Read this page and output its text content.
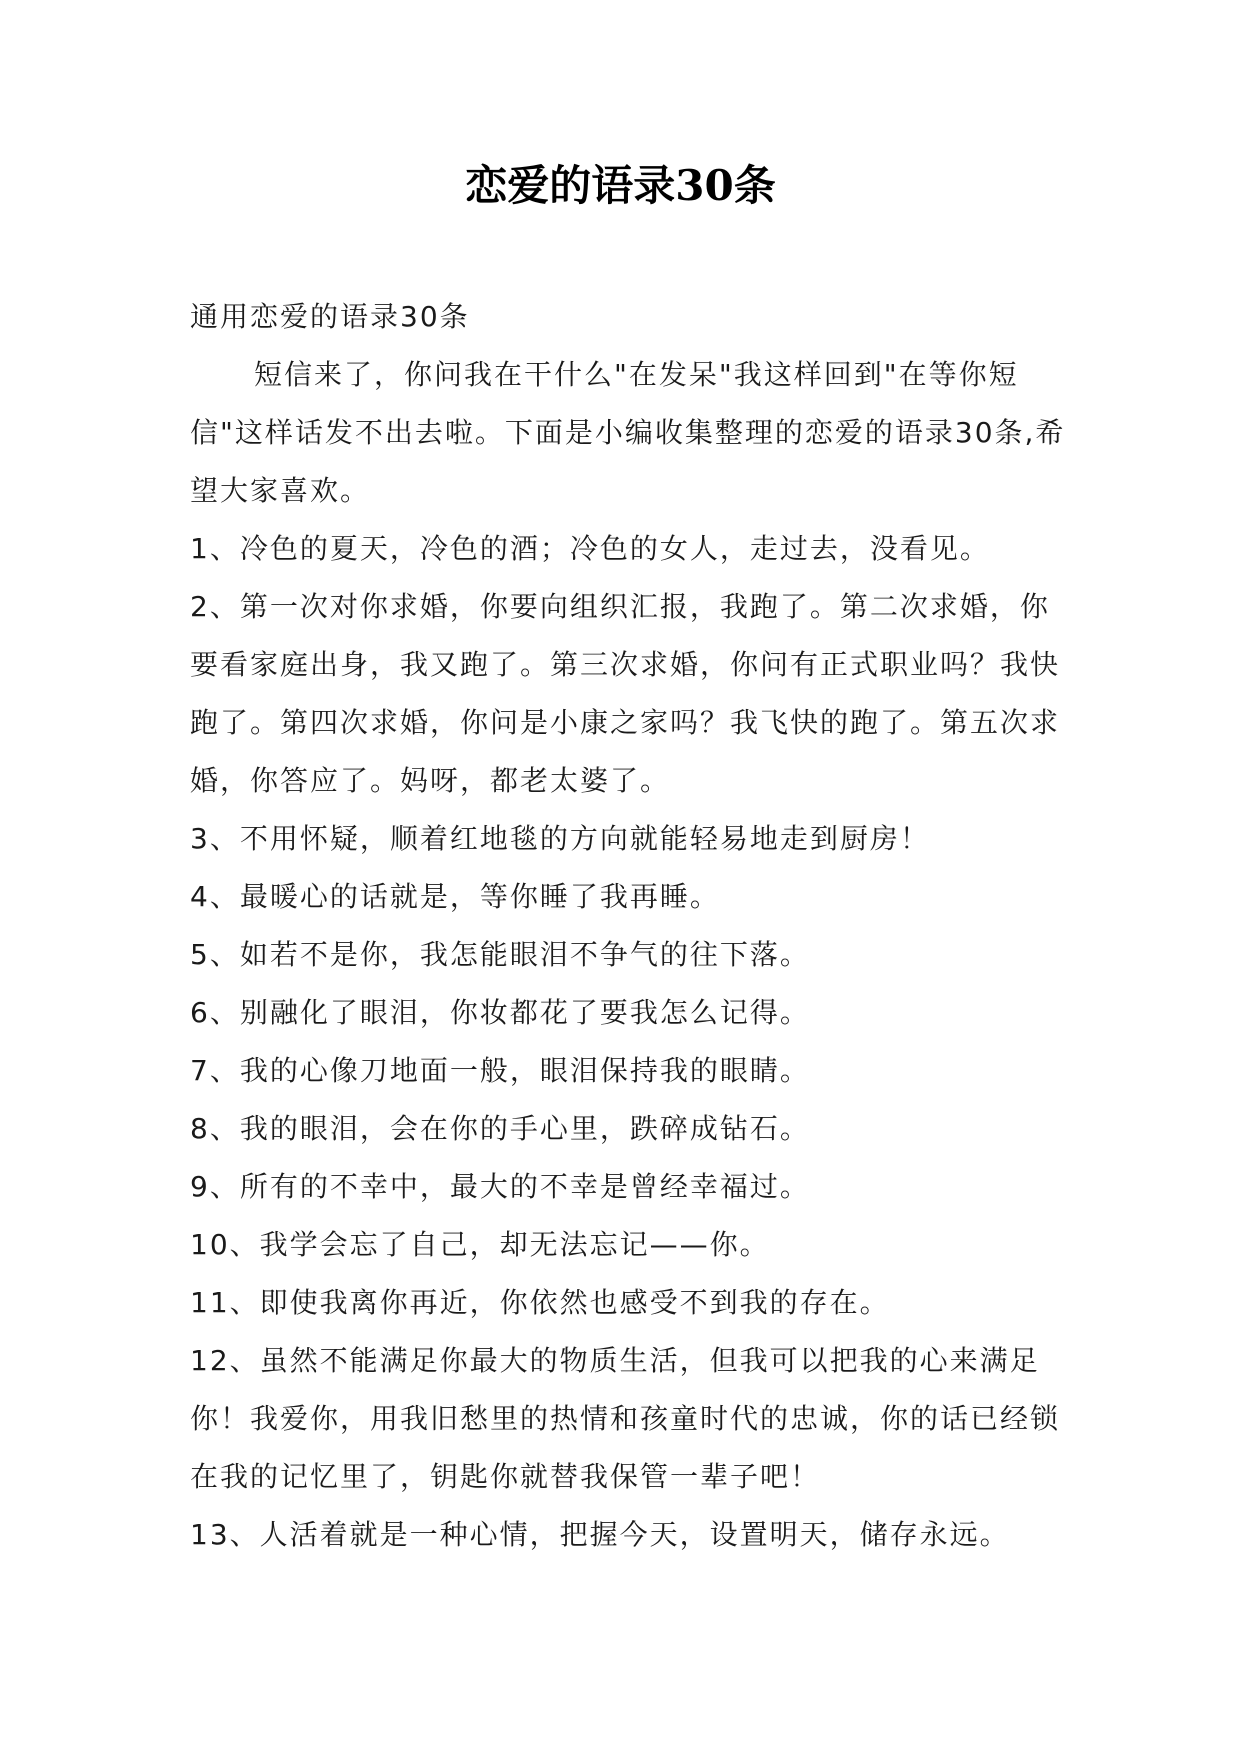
恋爱的语录30条

通用恋爱的语录30条

短信来了，你问我在干什么"在发呆"我这样回到"在等你短信"这样话发不出去啦。下面是小编收集整理的恋爱的语录30条,希望大家喜欢。

1、冷色的夏天，冷色的酒；冷色的女人，走过去，没看见。

2、第一次对你求婚，你要向组织汇报，我跑了。第二次求婚，你要看家庭出身，我又跑了。第三次求婚，你问有正式职业吗？我快跑了。第四次求婚，你问是小康之家吗？我飞快的跑了。第五次求婚，你答应了。妈呀，都老太婆了。

3、不用怀疑，顺着红地毯的方向就能轻易地走到厨房！

4、最暖心的话就是，等你睡了我再睡。

5、如若不是你，我怎能眼泪不争气的往下落。

6、别融化了眼泪，你妆都花了要我怎么记得。

7、我的心像刀地面一般，眼泪保持我的眼睛。

8、我的眼泪，会在你的手心里，跌碎成钻石。

9、所有的不幸中，最大的不幸是曾经幸福过。

10、我学会忘了自己，却无法忘记——你。

11、即使我离你再近，你依然也感受不到我的存在。

12、虽然不能满足你最大的物质生活，但我可以把我的心来满足你！我爱你，用我旧愁里的热情和孩童时代的忠诚，你的话已经锁在我的记忆里了，钥匙你就替我保管一辈子吧！

13、人活着就是一种心情，把握今天，设置明天，储存永远。
